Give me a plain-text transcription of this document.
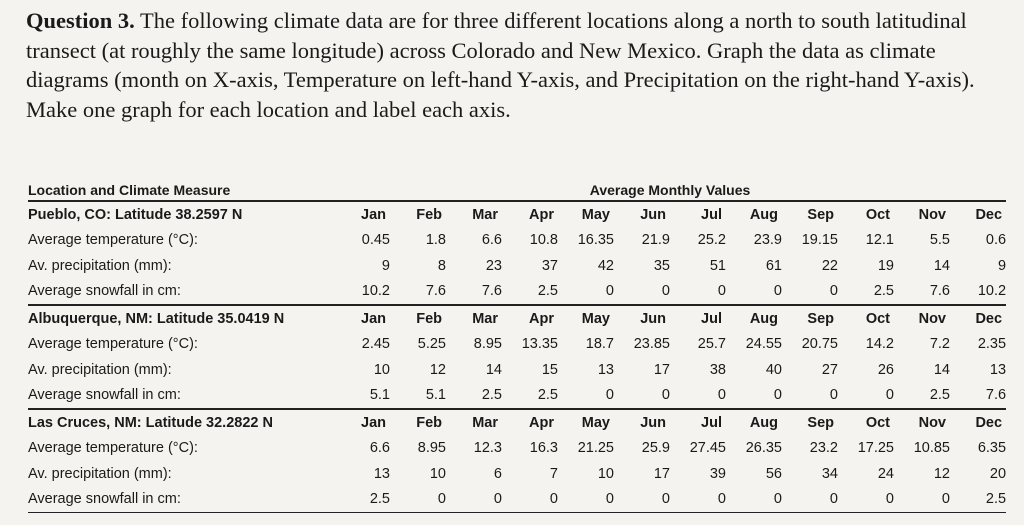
Question 3. The following climate data are for three different locations along a north to south latitudinal transect (at roughly the same longitude) across Colorado and New Mexico. Graph the data as climate diagrams (month on X-axis, Temperature on left-hand Y-axis, and Precipitation on the right-hand Y-axis). Make one graph for each location and label each axis.

Location and Climate Measure	Average Monthly Values											
Pueblo, CO: Latitude 38.2597 N	Jan	Feb	Mar	Apr	May	Jun	Jul	Aug	Sep	Oct	Nov	Dec
Average temperature (°C):	0.45	1.8	6.6	10.8	16.35	21.9	25.2	23.9	19.15	12.1	5.5	0.6
Av. precipitation (mm):	9	8	23	37	42	35	51	61	22	19	14	9
Average snowfall in cm:	10.2	7.6	7.6	2.5	0	0	0	0	0	2.5	7.6	10.2
Albuquerque, NM: Latitude 35.0419 N	Jan	Feb	Mar	Apr	May	Jun	Jul	Aug	Sep	Oct	Nov	Dec
Average temperature (°C):	2.45	5.25	8.95	13.35	18.7	23.85	25.7	24.55	20.75	14.2	7.2	2.35
Av. precipitation (mm):	10	12	14	15	13	17	38	40	27	26	14	13
Average snowfall in cm:	5.1	5.1	2.5	2.5	0	0	0	0	0	0	2.5	7.6
Las Cruces, NM: Latitude 32.2822 N	Jan	Feb	Mar	Apr	May	Jun	Jul	Aug	Sep	Oct	Nov	Dec
Average temperature (°C):	6.6	8.95	12.3	16.3	21.25	25.9	27.45	26.35	23.2	17.25	10.85	6.35
Av. precipitation (mm):	13	10	6	7	10	17	39	56	34	24	12	20
Average snowfall in cm:	2.5	0	0	0	0	0	0	0	0	0	0	2.5
